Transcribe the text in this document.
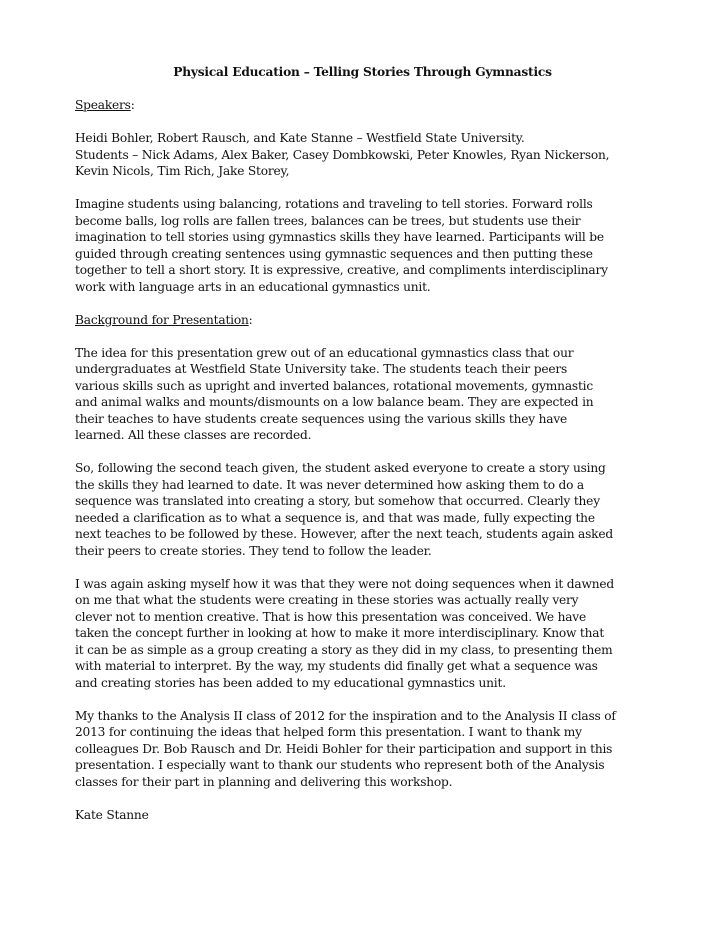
Physical Education – Telling Stories Through Gymnastics
Speakers:
Heidi Bohler, Robert Rausch, and Kate Stanne – Westfield State University.
Students – Nick Adams, Alex Baker, Casey Dombkowski, Peter Knowles, Ryan Nickerson,
Kevin Nicols, Tim Rich, Jake Storey,
Imagine students using balancing, rotations and traveling to tell stories. Forward rolls
become balls, log rolls are fallen trees, balances can be trees, but students use their
imagination to tell stories using gymnastics skills they have learned. Participants will be
guided through creating sentences using gymnastic sequences and then putting these
together to tell a short story. It is expressive, creative, and compliments interdisciplinary
work with language arts in an educational gymnastics unit.
Background for Presentation:
The idea for this presentation grew out of an educational gymnastics class that our
undergraduates at Westfield State University take. The students teach their peers
various skills such as upright and inverted balances, rotational movements, gymnastic
and animal walks and mounts/dismounts on a low balance beam. They are expected in
their teaches to have students create sequences using the various skills they have
learned. All these classes are recorded.
So, following the second teach given, the student asked everyone to create a story using
the skills they had learned to date. It was never determined how asking them to do a
sequence was translated into creating a story, but somehow that occurred. Clearly they
needed a clarification as to what a sequence is, and that was made, fully expecting the
next teaches to be followed by these. However, after the next teach, students again asked
their peers to create stories. They tend to follow the leader.
I was again asking myself how it was that they were not doing sequences when it dawned
on me that what the students were creating in these stories was actually really very
clever not to mention creative. That is how this presentation was conceived. We have
taken the concept further in looking at how to make it more interdisciplinary. Know that
it can be as simple as a group creating a story as they did in my class, to presenting them
with material to interpret. By the way, my students did finally get what a sequence was
and creating stories has been added to my educational gymnastics unit.
My thanks to the Analysis II class of 2012 for the inspiration and to the Analysis II class of
2013 for continuing the ideas that helped form this presentation. I want to thank my
colleagues Dr. Bob Rausch and Dr. Heidi Bohler for their participation and support in this
presentation. I especially want to thank our students who represent both of the Analysis
classes for their part in planning and delivering this workshop.
Kate Stanne
